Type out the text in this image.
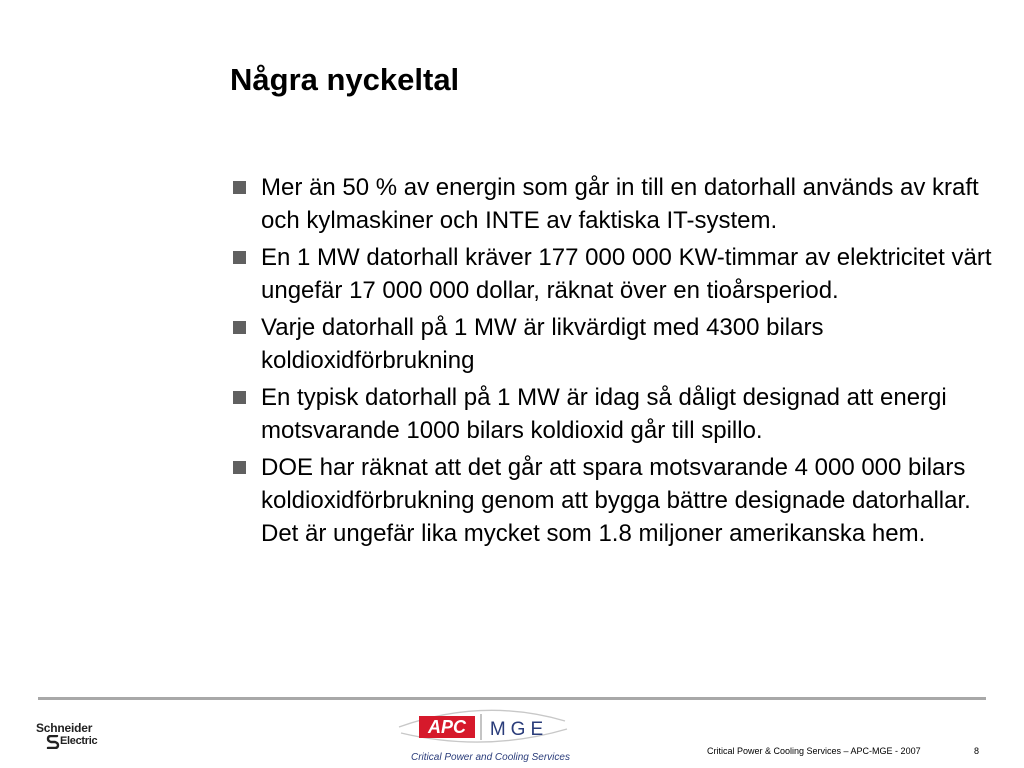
Några nyckeltal
Mer än 50 % av energin som går in till en datorhall används av kraft och kylmaskiner och INTE av faktiska IT-system.
En 1 MW datorhall kräver 177 000 000 KW-timmar av elektricitet värt ungefär 17 000 000 dollar, räknat över en tioårsperiod.
Varje datorhall på 1 MW är likvärdigt med 4300 bilars koldioxidförbrukning
En typisk datorhall på 1 MW är idag så dåligt designad att energi motsvarande 1000 bilars koldioxid går till spillo.
DOE har räknat att det går att spara motsvarande 4 000 000 bilars koldioxidförbrukning genom att bygga bättre designade datorhallar. Det är ungefär lika mycket som 1.8 miljoner amerikanska hem.
Schneider
Electric
APC MGE
Critical Power and Cooling Services
Critical Power & Cooling Services – APC-MGE - 2007	8
